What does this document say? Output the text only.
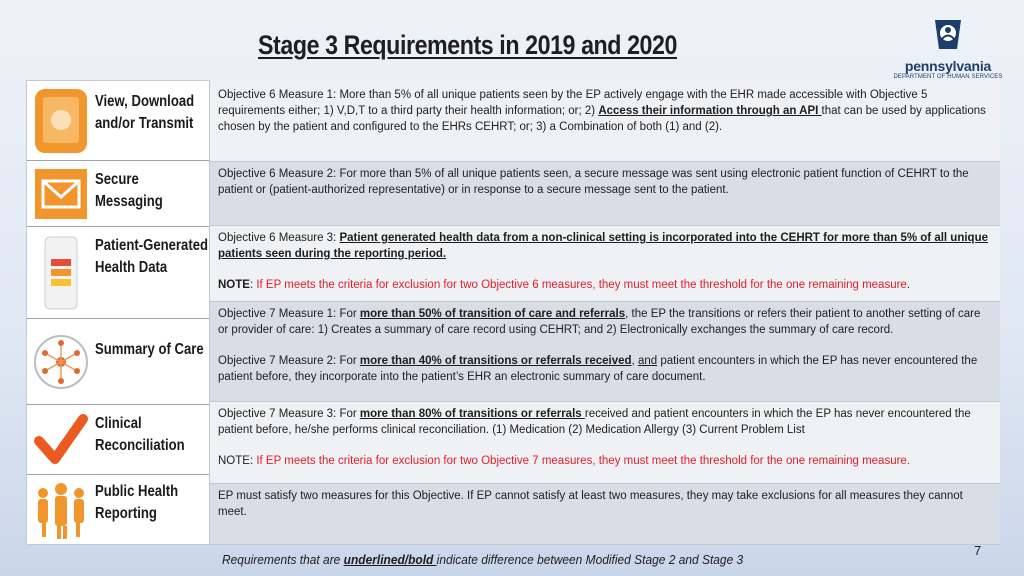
Stage 3 Requirements in 2019 and 2020
pennsylvania
DEPARTMENT OF HUMAN SERVICES
View, Download
and/or Transmit
Secure
Messaging
Patient-Generated
Health Data
Summary of Care
Clinical
Reconciliation
Public Health
Reporting

Objective 6 Measure 1: More than 5% of all unique patients seen by the EP actively engage with the EHR made accessible with Objective 5 requirements either; 1) V,D,T to a third party their health information; or; 2) Access their information through an API that can be used by applications chosen by the patient and configured to the EHRs CEHRT; or; 3) a Combination of both (1) and (2).

Objective 6 Measure 2: For more than 5% of all unique patients seen, a secure message was sent using electronic patient function of CEHRT to the patient or (patient-authorized representative) or in response to a secure message sent to the patient.

Objective 6 Measure 3: Patient generated health data from a non-clinical setting is incorporated into the CEHRT for more than 5% of all unique patients seen during the reporting period.

NOTE: If EP meets the criteria for exclusion for two Objective 6 measures, they must meet the threshold for the one remaining measure.

Objective 7 Measure 1: For more than 50% of transition of care and referrals, the EP the transitions or refers their patient to another setting of care or provider of care: 1) Creates a summary of care record using CEHRT; and 2) Electronically exchanges the summary of care record.

Objective 7 Measure 2: For more than 40% of transitions or referrals received, and patient encounters in which the EP has never encountered the patient before, they incorporate into the patient’s EHR an electronic summary of care document.

Objective 7 Measure 3: For more than 80% of transitions or referrals received and patient encounters in which the EP has never encountered the patient before, he/she performs clinical reconciliation. (1) Medication (2) Medication Allergy (3) Current Problem List

NOTE: If EP meets the criteria for exclusion for two Objective 7 measures, they must meet the threshold for the one remaining measure.

EP must satisfy two measures for this Objective. If EP cannot satisfy at least two measures, they may take exclusions for all measures they cannot meet.

Requirements that are underlined/bold indicate difference between Modified Stage 2 and Stage 3
7
